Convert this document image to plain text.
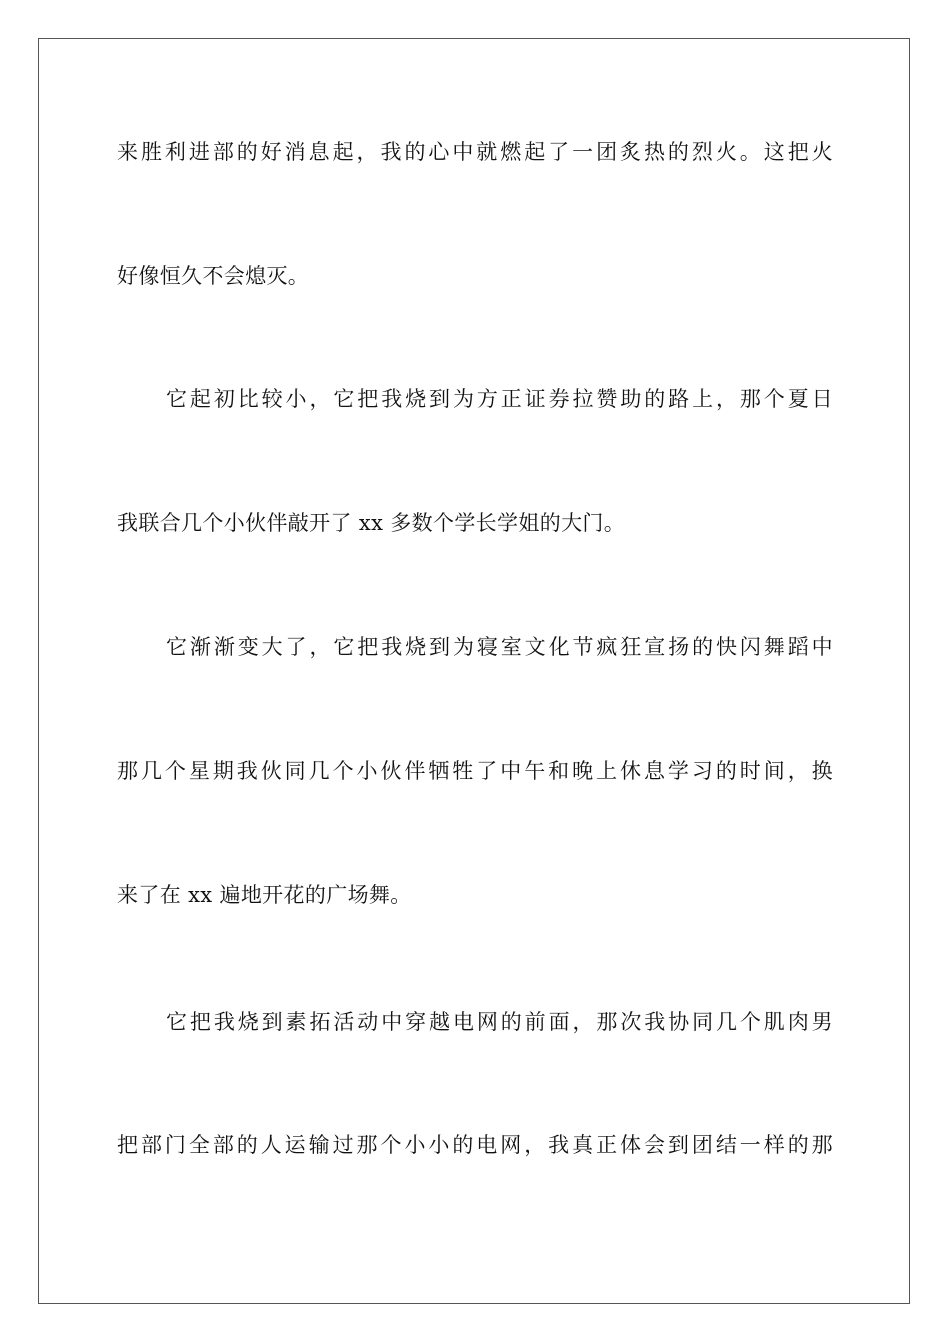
来胜利进部的好消息起，我的心中就燃起了一团炙热的烈火。这把火
好像恒久不会熄灭。
它起初比较小，它把我烧到为方正证券拉赞助的路上，那个夏日
我联合几个小伙伴敲开了 xx 多数个学长学姐的大门。
它渐渐变大了，它把我烧到为寝室文化节疯狂宣扬的快闪舞蹈中
那几个星期我伙同几个小伙伴牺牲了中午和晚上休息学习的时间，换
来了在 xx 遍地开花的广场舞。
它把我烧到素拓活动中穿越电网的前面，那次我协同几个肌肉男
把部门全部的人运输过那个小小的电网，我真正体会到团结一样的那
